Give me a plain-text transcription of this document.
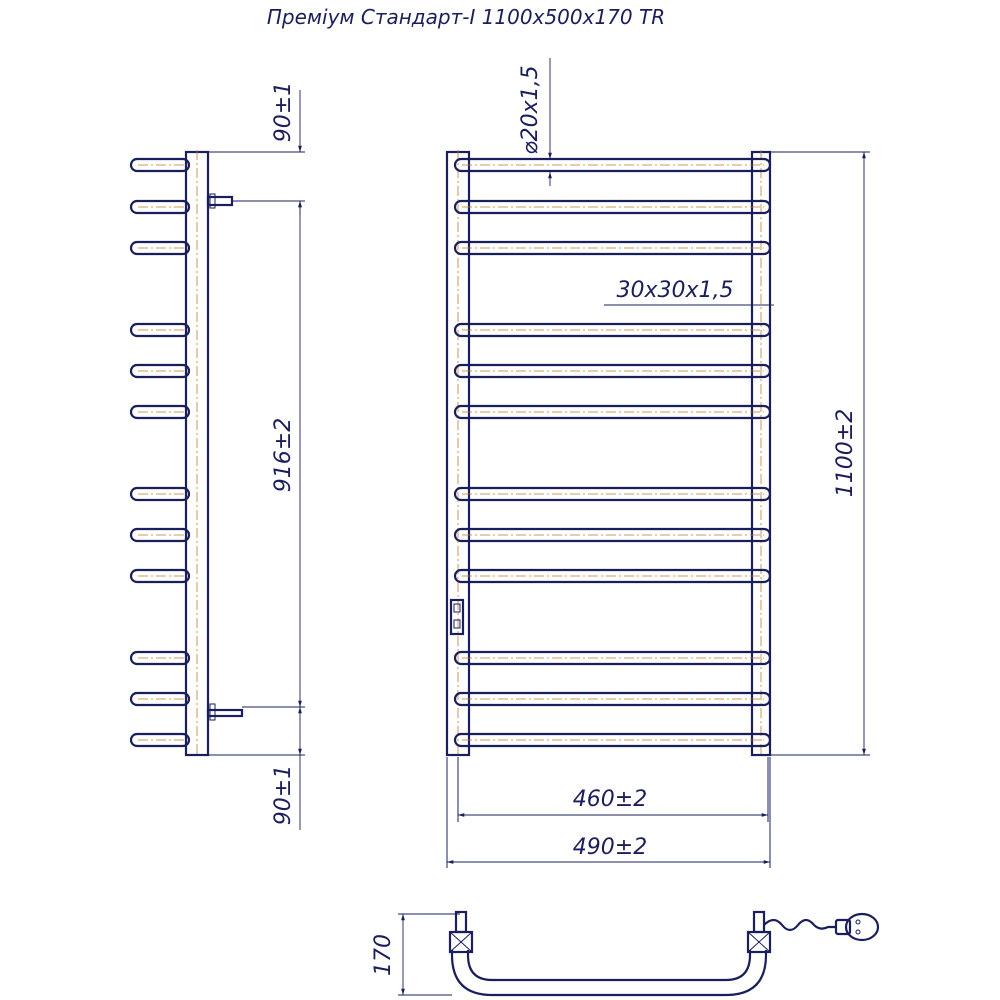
Преміум Стандарт-І 1100x500x170 TR
90±1
916±2
90±1
⌀20x1,5
30x30x1,5
1100±2
460±2
490±2
170
